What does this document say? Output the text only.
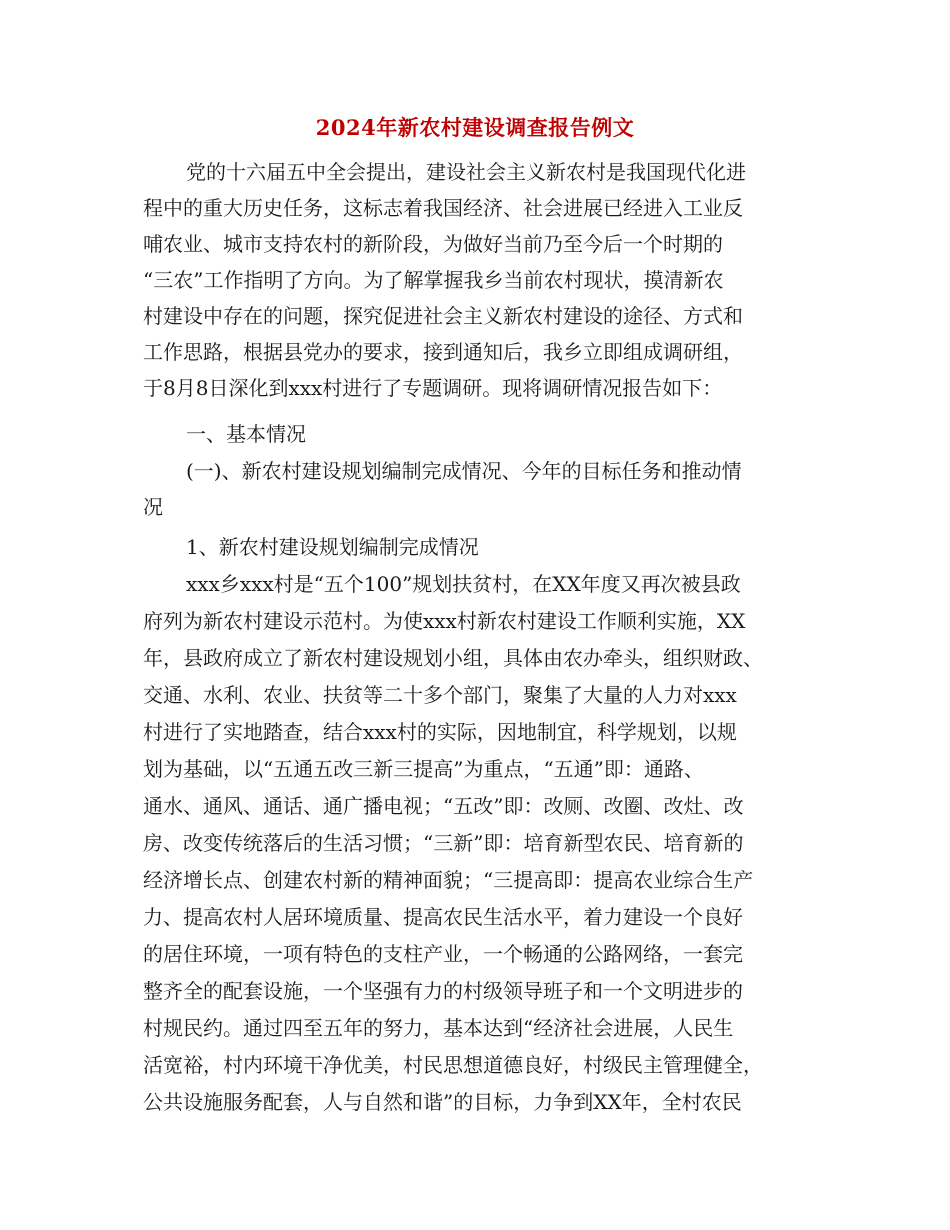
2024年新农村建设调查报告例文
党的十六届五中全会提出，建设社会主义新农村是我国现代化进
程中的重大历史任务，这标志着我国经济、社会进展已经进入工业反
哺农业、城市支持农村的新阶段，为做好当前乃至今后一个时期的
“三农”工作指明了方向。为了解掌握我乡当前农村现状，摸清新农
村建设中存在的问题，探究促进社会主义新农村建设的途径、方式和
工作思路，根据县党办的要求，接到通知后，我乡立即组成调研组，
于8月8日深化到xxx村进行了专题调研。现将调研情况报告如下：
一、基本情况
(一)、新农村建设规划编制完成情况、今年的目标任务和推动情
况
1、新农村建设规划编制完成情况
xxx乡xxx村是“五个100”规划扶贫村，在XX年度又再次被县政
府列为新农村建设示范村。为使xxx村新农村建设工作顺利实施，XX
年，县政府成立了新农村建设规划小组，具体由农办牵头，组织财政、
交通、水利、农业、扶贫等二十多个部门，聚集了大量的人力对xxx
村进行了实地踏查，结合xxx村的实际，因地制宜，科学规划，以规
划为基础，以“五通五改三新三提高”为重点，“五通”即：通路、
通水、通风、通话、通广播电视；“五改”即：改厕、改圈、改灶、改
房、改变传统落后的生活习惯；“三新”即：培育新型农民、培育新的
经济增长点、创建农村新的精神面貌；“三提高即：提高农业综合生产
力、提高农村人居环境质量、提高农民生活水平，着力建设一个良好
的居住环境，一项有特色的支柱产业，一个畅通的公路网络，一套完
整齐全的配套设施，一个坚强有力的村级领导班子和一个文明进步的
村规民约。通过四至五年的努力，基本达到“经济社会进展，人民生
活宽裕，村内环境干净优美，村民思想道德良好，村级民主管理健全，
公共设施服务配套，人与自然和谐”的目标，力争到XX年，全村农民
